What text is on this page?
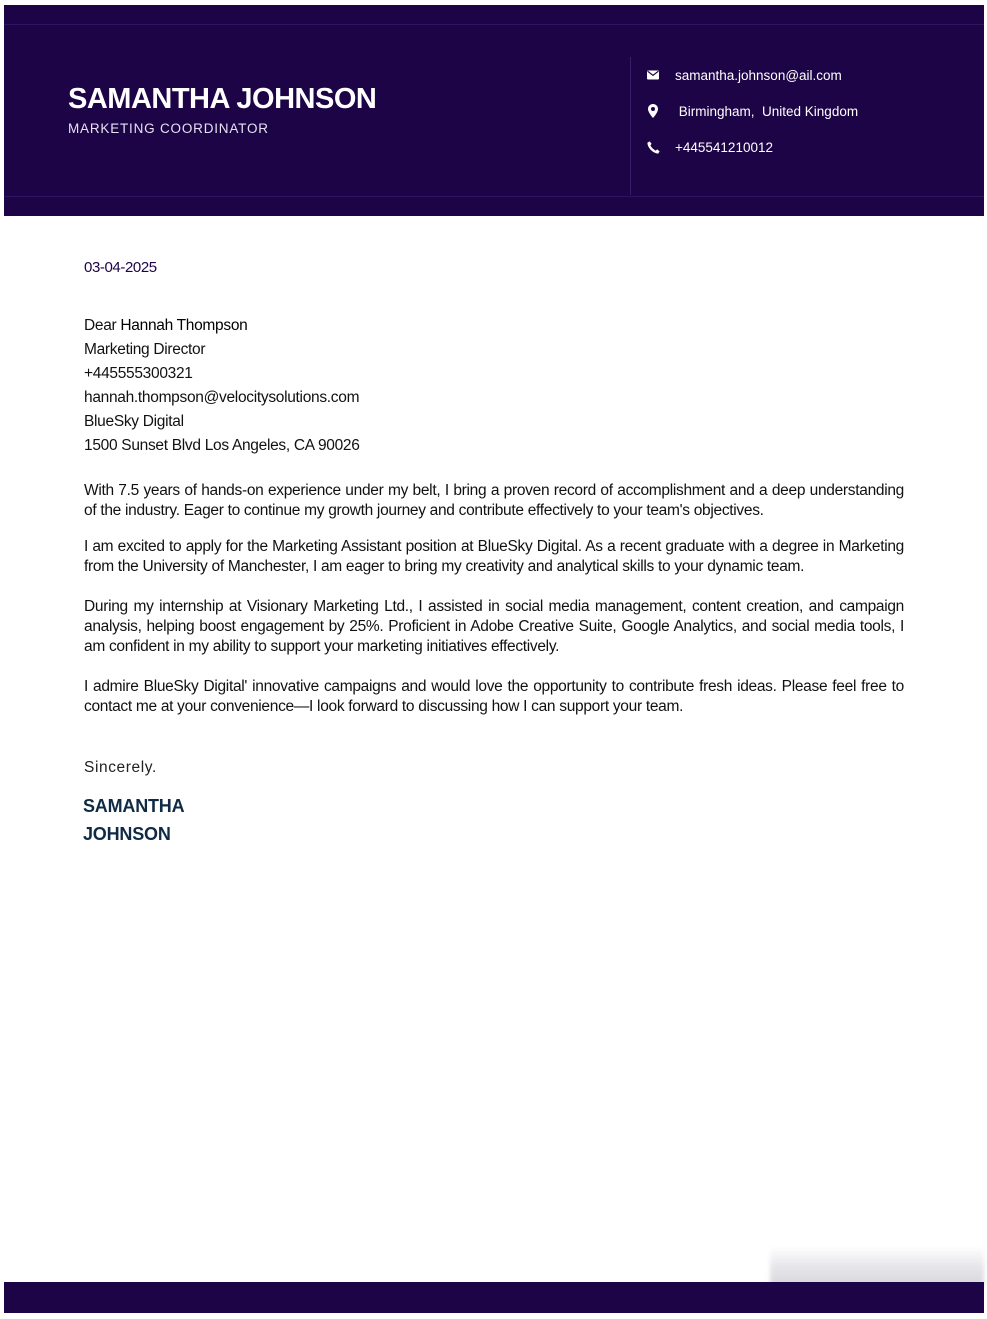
SAMANTHA JOHNSON
MARKETING COORDINATOR
samantha.johnson@ail.com
Birmingham,  United Kingdom
+445541210012
03-04-2025
Dear Hannah Thompson
Marketing Director
+445555300321
hannah.thompson@velocitysolutions.com
BlueSky Digital
1500 Sunset Blvd Los Angeles, CA 90026

With 7.5 years of hands-on experience under my belt, I bring a proven record of accomplishment and a deep understanding of the industry. Eager to continue my growth journey and contribute effectively to your team's objectives.

I am excited to apply for the Marketing Assistant position at BlueSky Digital. As a recent graduate with a degree in Marketing from the University of Manchester, I am eager to bring my creativity and analytical skills to your dynamic team.

During my internship at Visionary Marketing Ltd., I assisted in social media management, content creation, and campaign analysis, helping boost engagement by 25%. Proficient in Adobe Creative Suite, Google Analytics, and social media tools, I am confident in my ability to support your marketing initiatives effectively.

I admire BlueSky Digital' innovative campaigns and would love the opportunity to contribute fresh ideas. Please feel free to contact me at your convenience—I look forward to discussing how I can support your team.

Sincerely.
SAMANTHA
JOHNSON
